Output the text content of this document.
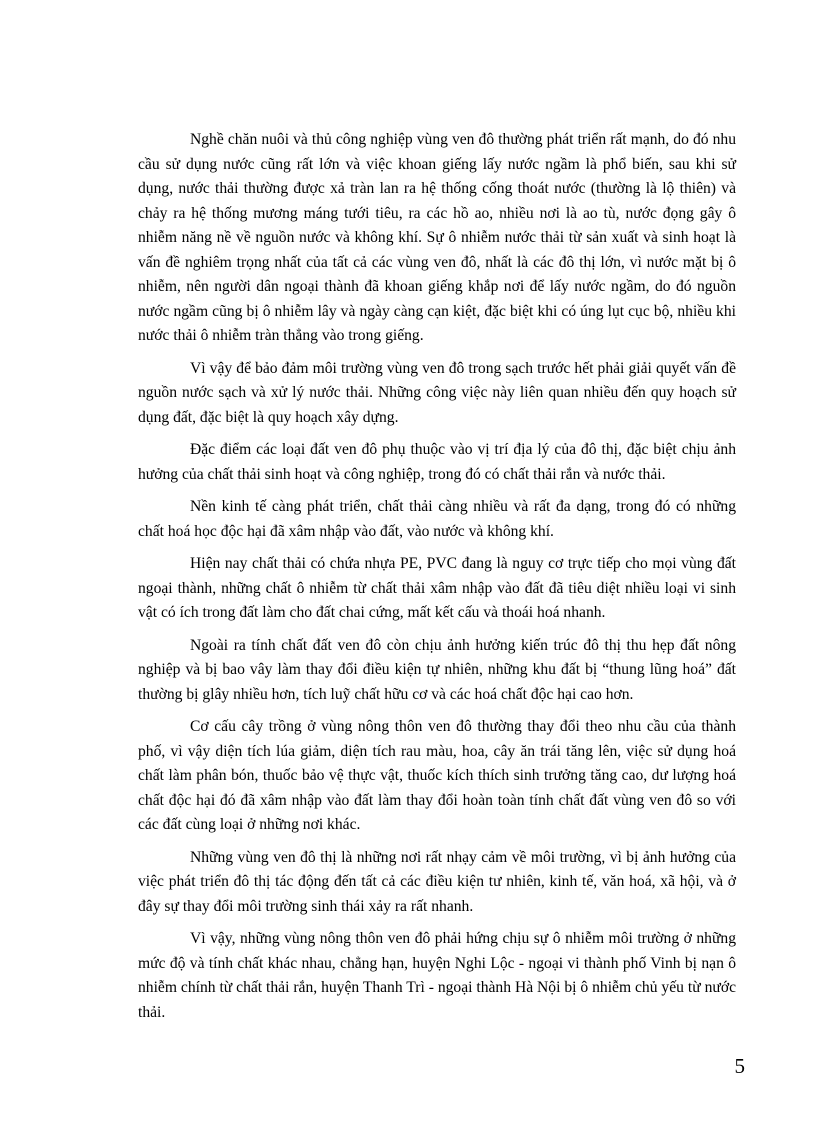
Nghề chăn nuôi và thủ công nghiệp vùng ven đô thường phát triển rất mạnh, do đó nhu cầu sử dụng nước cũng rất lớn và việc khoan giếng lấy nước ngầm là phổ biến, sau khi sử dụng, nước thải thường được xả tràn lan ra hệ thống cống thoát nước (thường là lộ thiên) và chảy ra hệ thống mương máng tưới tiêu, ra các hồ ao, nhiều nơi là ao tù, nước đọng gây ô nhiễm năng nề về nguồn nước và không khí. Sự ô nhiễm nước thải từ sản xuất và sinh hoạt là vấn đề nghiêm trọng nhất của tất cả các vùng ven đô, nhất là các đô thị lớn, vì nước mặt bị ô nhiễm, nên người dân ngoại thành đã khoan giếng khắp nơi để lấy nước ngầm, do đó nguồn nước ngầm cũng bị ô nhiễm lây và ngày càng cạn kiệt, đặc biệt khi có úng lụt cục bộ, nhiều khi nước thải ô nhiễm tràn thẳng vào trong giếng.

Vì vậy để bảo đảm môi trường vùng ven đô trong sạch trước hết phải giải quyết vấn đề nguồn nước sạch và xử lý nước thải. Những công việc này liên quan nhiều đến quy hoạch sử dụng đất, đặc biệt là quy hoạch xây dựng.

Đặc điểm các loại đất ven đô phụ thuộc vào vị trí địa lý của đô thị, đặc biệt chịu ảnh hưởng của chất thải sinh hoạt và công nghiệp, trong đó có chất thải rắn và nước thải.

Nền kinh tế càng phát triển, chất thải càng nhiều và rất đa dạng, trong đó có những chất hoá học độc hại đã xâm nhập vào đất, vào nước và không khí.

Hiện nay chất thải có chứa nhựa PE, PVC đang là nguy cơ trực tiếp cho mọi vùng đất ngoại thành, những chất ô nhiễm từ chất thải xâm nhập vào đất đã tiêu diệt nhiều loại vi sinh vật có ích trong đất làm cho đất chai cứng, mất kết cấu và thoái hoá nhanh.

Ngoài ra tính chất đất ven đô còn chịu ảnh hưởng kiến trúc đô thị thu hẹp đất nông nghiệp và bị bao vây làm thay đổi điều kiện tự nhiên, những khu đất bị “thung lũng hoá” đất thường bị glây nhiều hơn, tích luỹ chất hữu cơ và các hoá chất độc hại cao hơn.

Cơ cấu cây trồng ở vùng nông thôn ven đô thường thay đổi theo nhu cầu của thành phố, vì vậy diện tích lúa giảm, diện tích rau màu, hoa, cây ăn trái tăng lên, việc sử dụng hoá chất làm phân bón, thuốc bảo vệ thực vật, thuốc kích thích sinh trưởng tăng cao, dư lượng hoá chất độc hại đó đã xâm nhập vào đất làm thay đổi hoàn toàn tính chất đất vùng ven đô so với các đất cùng loại ở những nơi khác.

Những vùng ven đô thị là những nơi rất nhạy cảm về môi trường, vì bị ảnh hưởng của việc phát triển đô thị tác động đến tất cả các điều kiện tư nhiên, kinh tế, văn hoá, xã hội, và ở đây sự thay đổi môi trường sinh thái xảy ra rất nhanh.

Vì vậy, những vùng nông thôn ven đô phải hứng chịu sự ô nhiễm môi trường ở những mức độ và tính chất khác nhau, chẳng hạn, huyện Nghi Lộc - ngoại vi thành phố Vinh bị nạn ô nhiễm chính từ chất thải rắn, huyện Thanh Trì - ngoại thành Hà Nội bị ô nhiễm chủ yếu từ nước thải.

5
